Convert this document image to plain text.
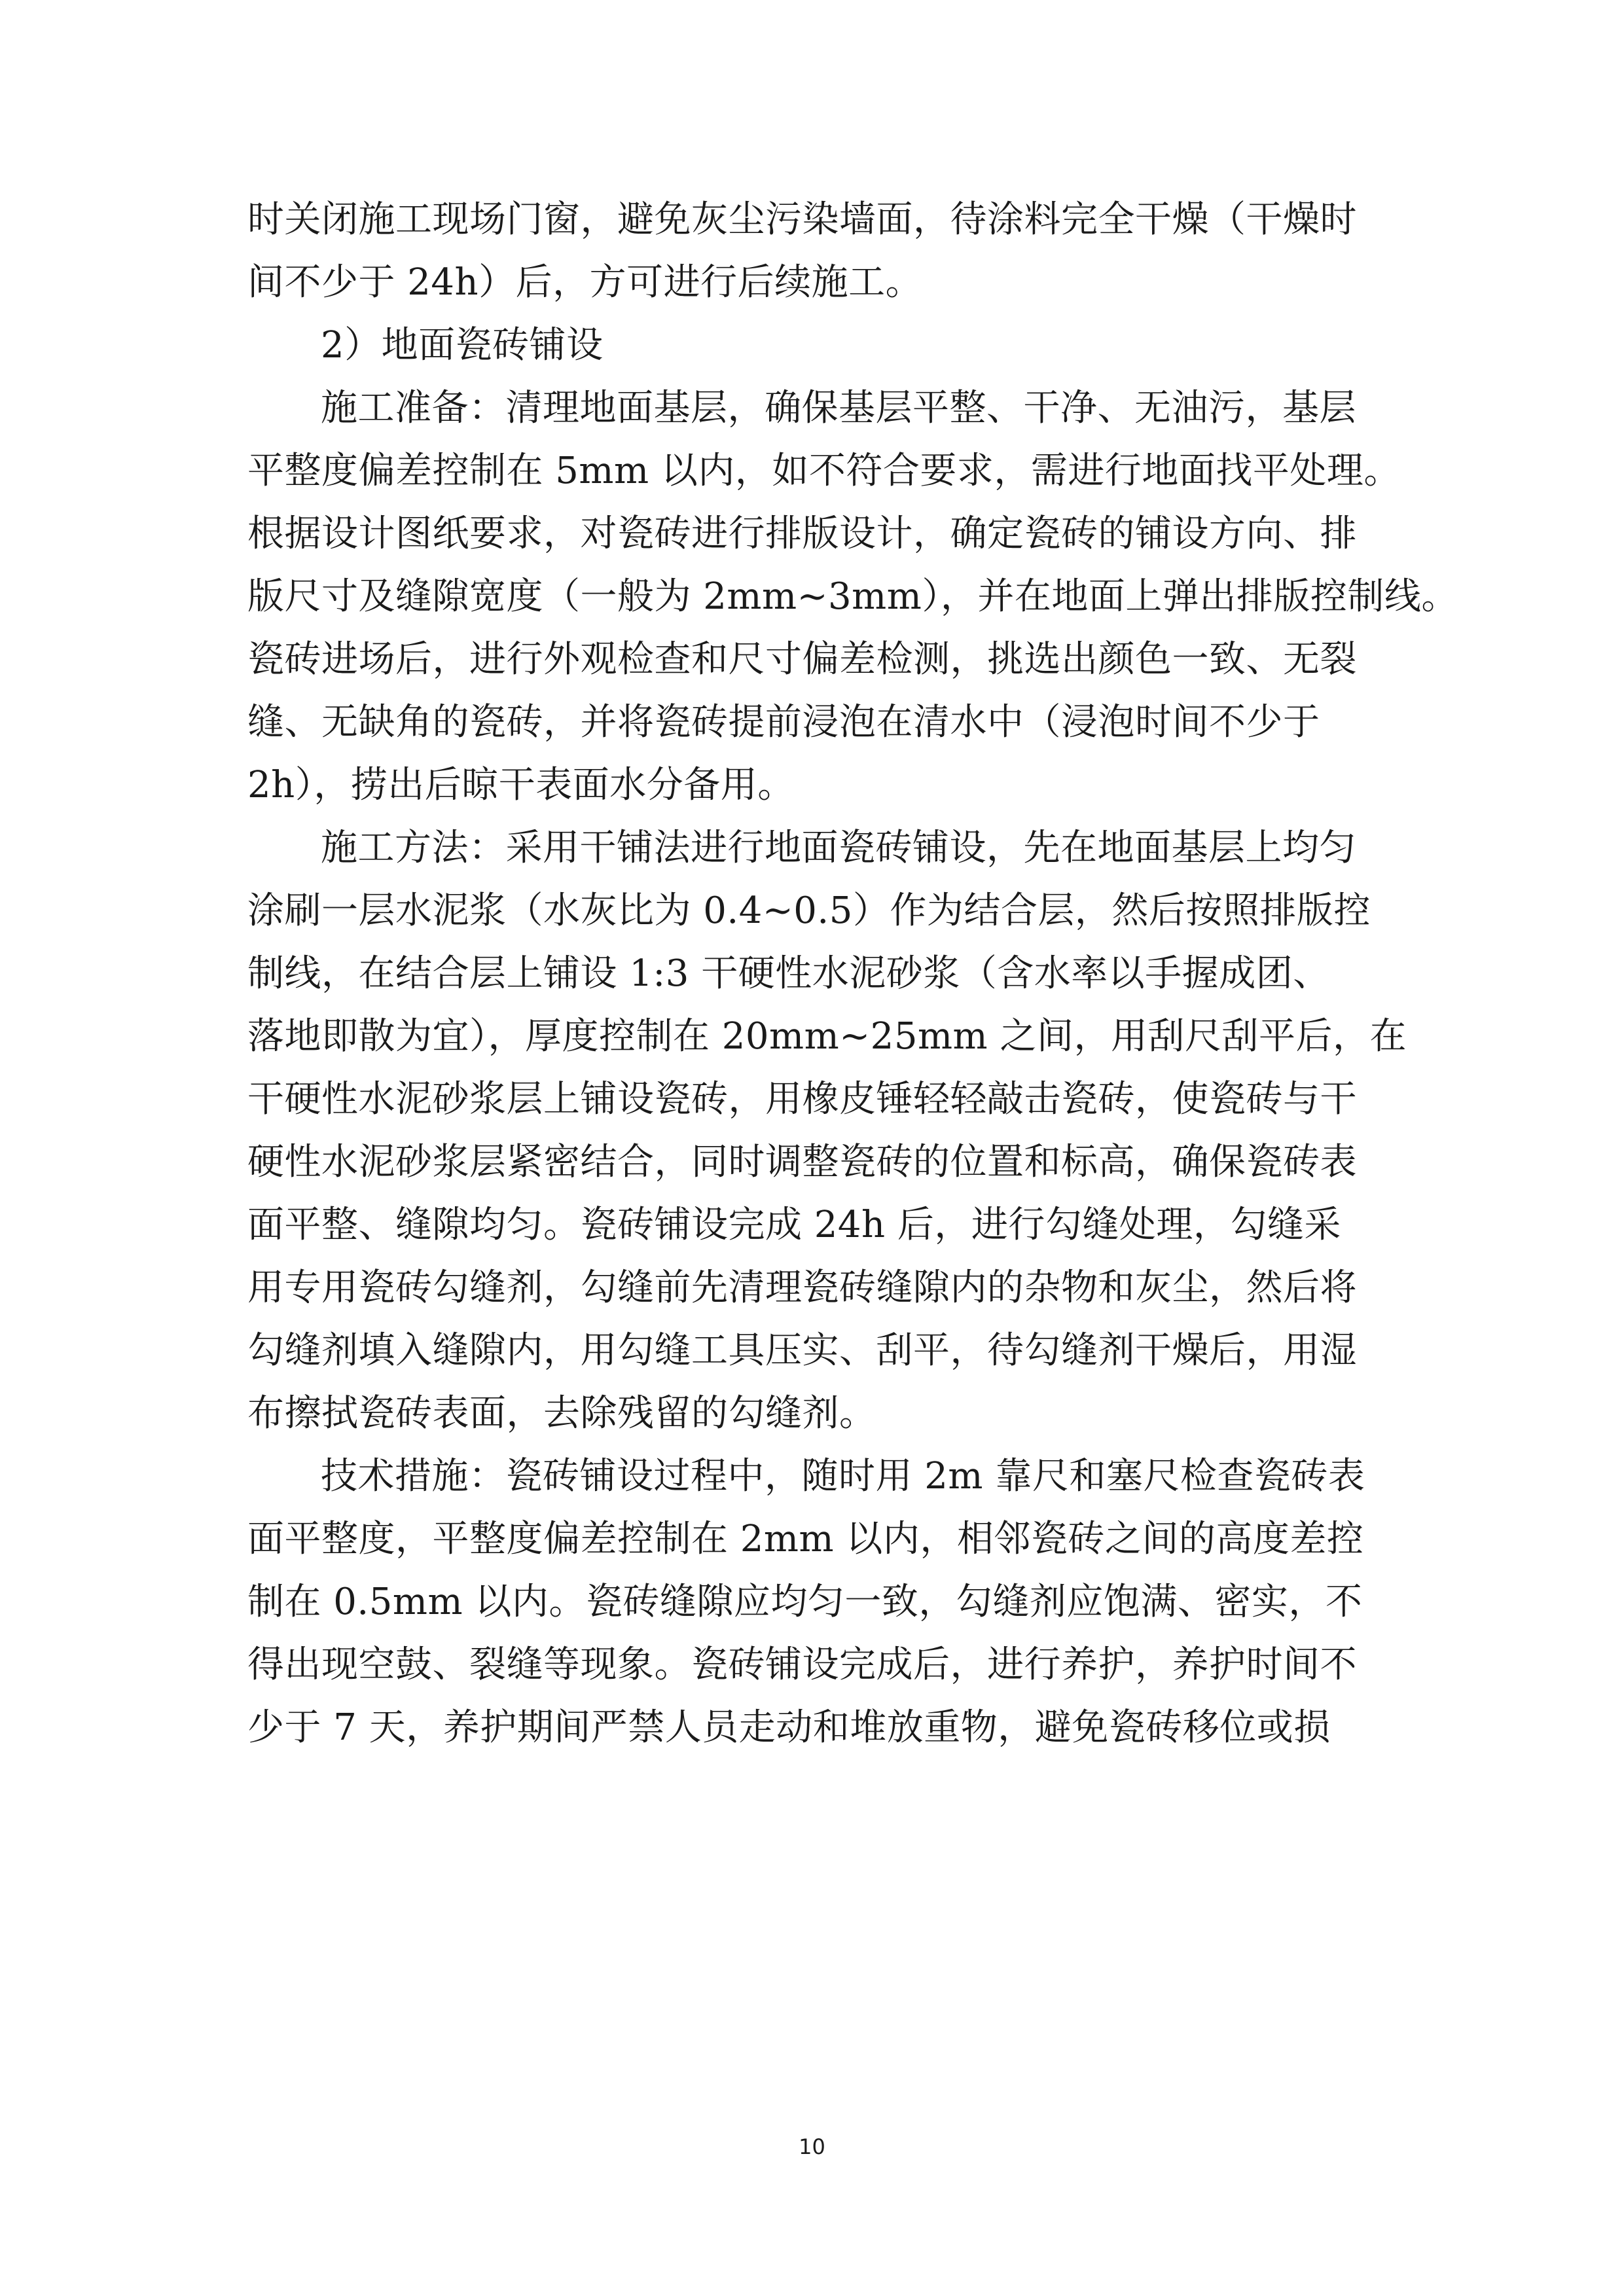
时关闭施工现场门窗，避免灰尘污染墙面，待涂料完全干燥（干燥时
间不少于 24h）后，方可进行后续施工。
2）地面瓷砖铺设
施工准备：清理地面基层，确保基层平整、干净、无油污，基层
平整度偏差控制在 5mm 以内，如不符合要求，需进行地面找平处理。
根据设计图纸要求，对瓷砖进行排版设计，确定瓷砖的铺设方向、排
版尺寸及缝隙宽度（一般为 2mm~3mm），并在地面上弹出排版控制线。
瓷砖进场后，进行外观检查和尺寸偏差检测，挑选出颜色一致、无裂
缝、无缺角的瓷砖，并将瓷砖提前浸泡在清水中（浸泡时间不少于
2h），捞出后晾干表面水分备用。
施工方法：采用干铺法进行地面瓷砖铺设，先在地面基层上均匀
涂刷一层水泥浆（水灰比为 0.4~0.5）作为结合层，然后按照排版控
制线，在结合层上铺设 1:3 干硬性水泥砂浆（含水率以手握成团、
落地即散为宜），厚度控制在 20mm~25mm 之间，用刮尺刮平后，在
干硬性水泥砂浆层上铺设瓷砖，用橡皮锤轻轻敲击瓷砖，使瓷砖与干
硬性水泥砂浆层紧密结合，同时调整瓷砖的位置和标高，确保瓷砖表
面平整、缝隙均匀。瓷砖铺设完成 24h 后，进行勾缝处理，勾缝采
用专用瓷砖勾缝剂，勾缝前先清理瓷砖缝隙内的杂物和灰尘，然后将
勾缝剂填入缝隙内，用勾缝工具压实、刮平，待勾缝剂干燥后，用湿
布擦拭瓷砖表面，去除残留的勾缝剂。
技术措施：瓷砖铺设过程中，随时用 2m 靠尺和塞尺检查瓷砖表
面平整度，平整度偏差控制在 2mm 以内，相邻瓷砖之间的高度差控
制在 0.5mm 以内。瓷砖缝隙应均匀一致，勾缝剂应饱满、密实，不
得出现空鼓、裂缝等现象。瓷砖铺设完成后，进行养护，养护时间不
少于 7 天，养护期间严禁人员走动和堆放重物，避免瓷砖移位或损
10
